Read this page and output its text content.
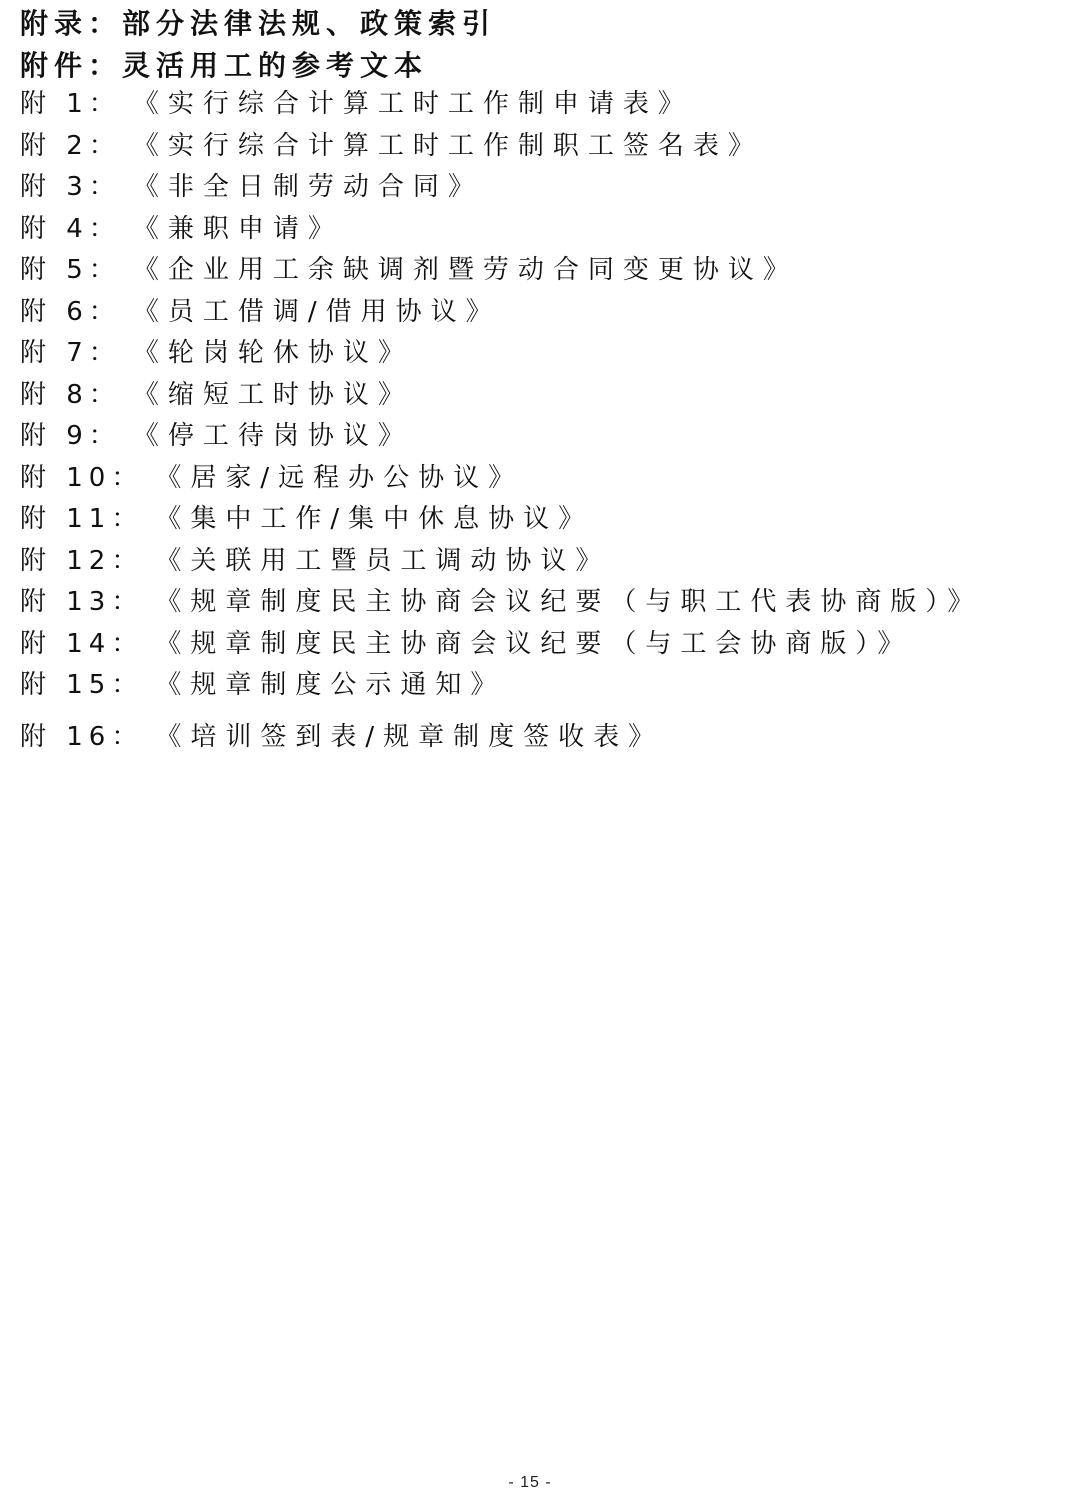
附录：部分法律法规、政策索引
附件：灵活用工的参考文本
附 1： 《实行综合计算工时工作制申请表》
附 2： 《实行综合计算工时工作制职工签名表》
附 3： 《非全日制劳动合同》
附 4： 《兼职申请》
附 5： 《企业用工余缺调剂暨劳动合同变更协议》
附 6： 《员工借调/借用协议》
附 7： 《轮岗轮休协议》
附 8： 《缩短工时协议》
附 9： 《停工待岗协议》
附 10： 《居家/远程办公协议》
附 11： 《集中工作/集中休息协议》
附 12： 《关联用工暨员工调动协议》
附 13： 《规章制度民主协商会议纪要（与职工代表协商版）》
附 14： 《规章制度民主协商会议纪要（与工会协商版）》
附 15： 《规章制度公示通知》
附 16： 《培训签到表/规章制度签收表》
- 15 -
